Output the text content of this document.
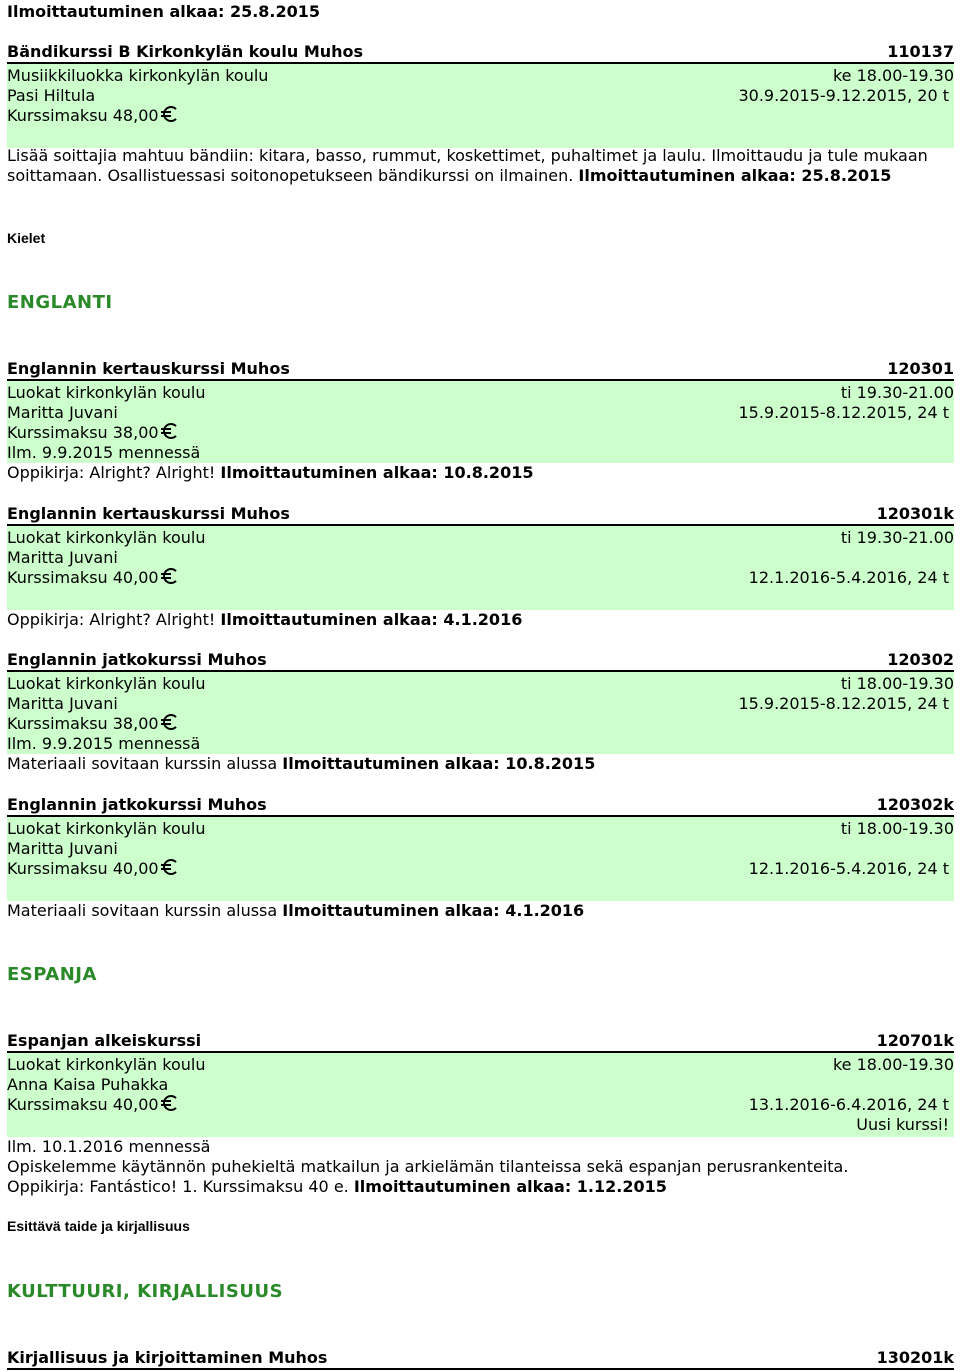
Ilmoittautuminen alkaa: 25.8.2015
Bändikurssi B Kirkonkylän koulu Muhos	110137
Musiikkiluokka kirkonkylän koulu	ke 18.00-19.30
Pasi Hiltula	30.9.2015-9.12.2015, 20 t
Kurssimaksu 48,00
Lisää soittajia mahtuu bändiin: kitara, basso, rummut, koskettimet, puhaltimet ja laulu. Ilmoittaudu ja tule mukaan soittamaan. Osallistuessasi soitonopetukseen bändikurssi on ilmainen. Ilmoittautuminen alkaa: 25.8.2015
Kielet
ENGLANTI
Englannin kertauskurssi Muhos	120301
Luokat kirkonkylän koulu	ti 19.30-21.00
Maritta Juvani	15.9.2015-8.12.2015, 24 t
Kurssimaksu 38,00
Ilm. 9.9.2015 mennessä
Oppikirja: Alright? Alright! Ilmoittautuminen alkaa: 10.8.2015
Englannin kertauskurssi Muhos	120301k
Luokat kirkonkylän koulu	ti 19.30-21.00
Maritta Juvani
Kurssimaksu 40,00	12.1.2016-5.4.2016, 24 t
Oppikirja: Alright? Alright! Ilmoittautuminen alkaa: 4.1.2016
Englannin jatkokurssi Muhos	120302
Luokat kirkonkylän koulu	ti 18.00-19.30
Maritta Juvani	15.9.2015-8.12.2015, 24 t
Kurssimaksu 38,00
Ilm. 9.9.2015 mennessä
Materiaali sovitaan kurssin alussa Ilmoittautuminen alkaa: 10.8.2015
Englannin jatkokurssi Muhos	120302k
Luokat kirkonkylän koulu	ti 18.00-19.30
Maritta Juvani
Kurssimaksu 40,00	12.1.2016-5.4.2016, 24 t
Materiaali sovitaan kurssin alussa Ilmoittautuminen alkaa: 4.1.2016
ESPANJA
Espanjan alkeiskurssi	120701k
Luokat kirkonkylän koulu	ke 18.00-19.30
Anna Kaisa Puhakka
Kurssimaksu 40,00	13.1.2016-6.4.2016, 24 t
Uusi kurssi!
Ilm. 10.1.2016 mennessä
Opiskelemme käytännön puhekieltä matkailun ja arkielämän tilanteissa sekä espanjan perusrankenteita.
Oppikirja: Fantástico! 1. Kurssimaksu 40 e. Ilmoittautuminen alkaa: 1.12.2015
Esittävä taide ja kirjallisuus
KULTTUURI, KIRJALLISUUS
Kirjallisuus ja kirjoittaminen Muhos	130201k
